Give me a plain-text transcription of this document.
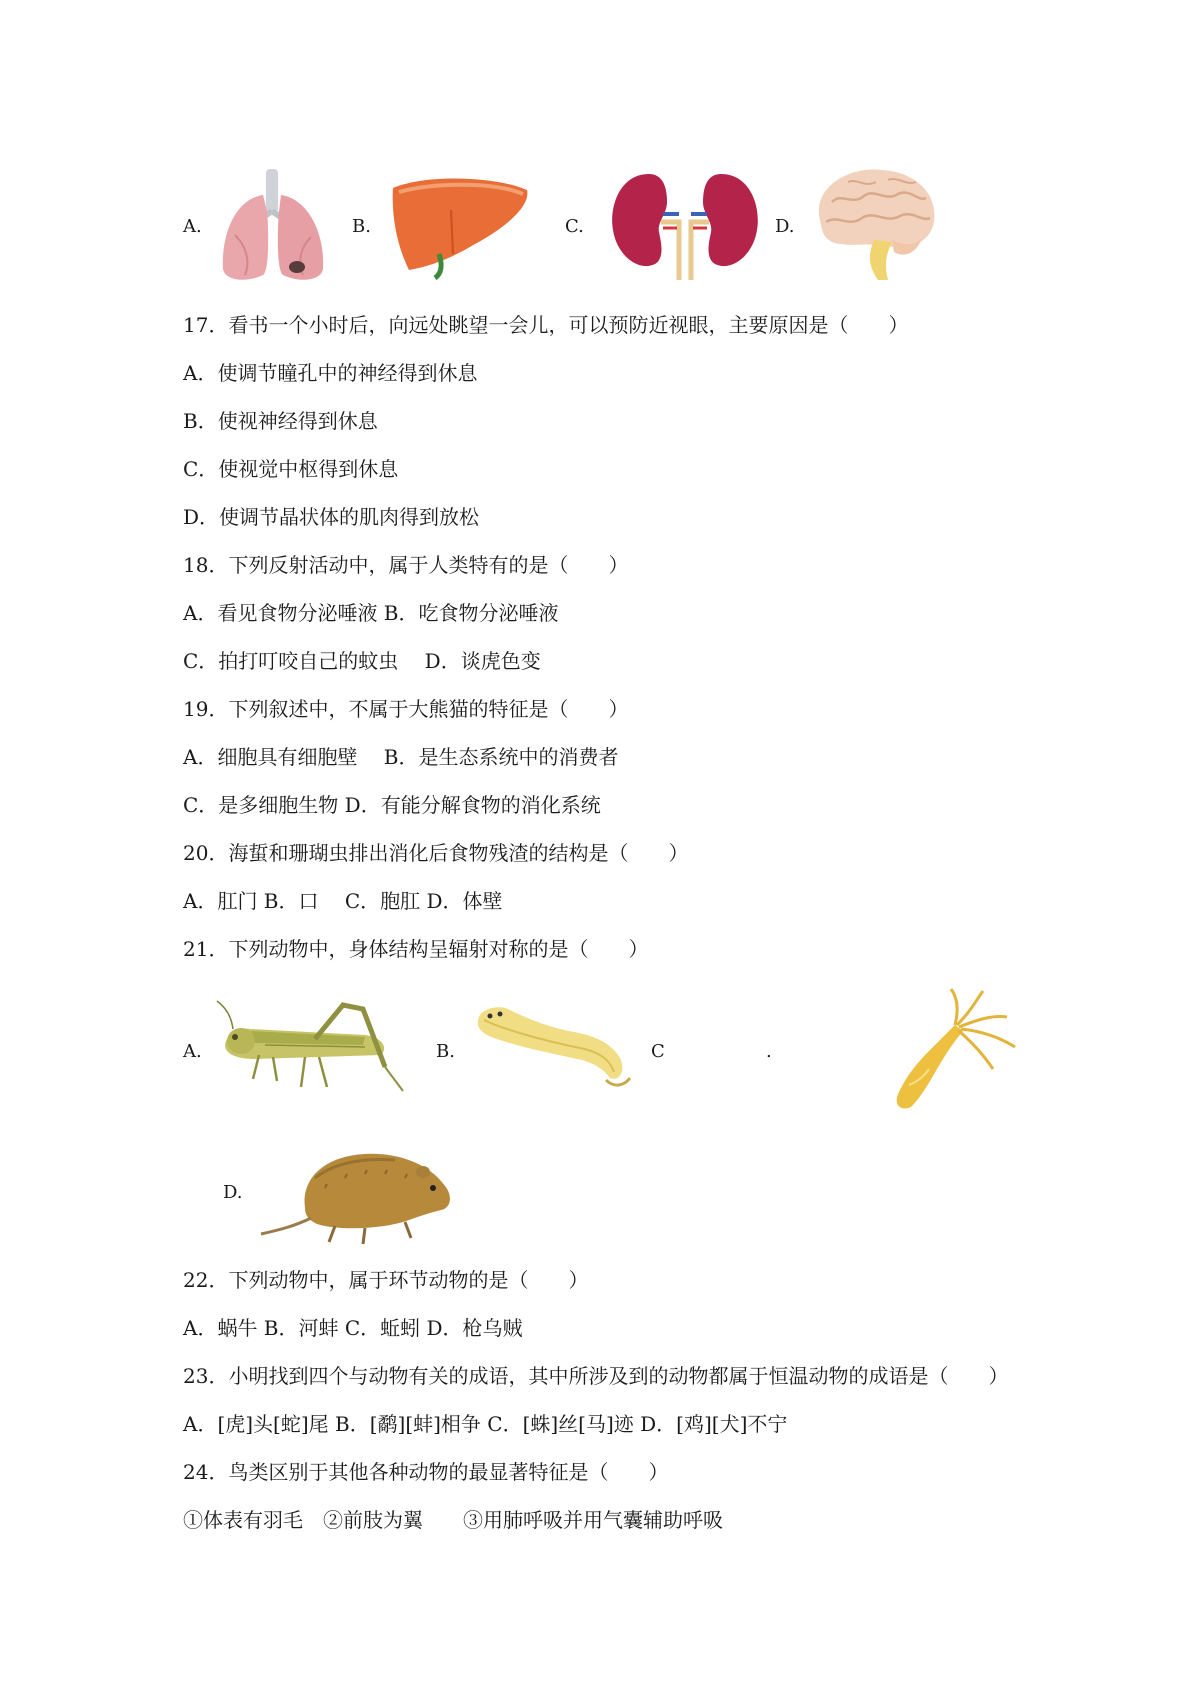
A.	B.	C.	D.
17．看书一个小时后，向远处眺望一会儿，可以预防近视眼，主要原因是（　　）
A．使调节瞳孔中的神经得到休息
B．使视神经得到休息
C．使视觉中枢得到休息
D．使调节晶状体的肌肉得到放松
18．下列反射活动中，属于人类特有的是（　　）
A．看见食物分泌唾液 B．吃食物分泌唾液
C．拍打叮咬自己的蚊虫　 D．谈虎色变
19．下列叙述中，不属于大熊猫的特征是（　　）
A．细胞具有细胞壁　 B．是生态系统中的消费者
C．是多细胞生物 D．有能分解食物的消化系统
20．海蜇和珊瑚虫排出消化后食物残渣的结构是（　　）
A．肛门 B．口　 C．胞肛 D．体壁
21．下列动物中，身体结构呈辐射对称的是（　　）
A.	B.	C	.
D.
22．下列动物中，属于环节动物的是（　　）
A．蜗牛 B．河蚌 C．蚯蚓 D．枪乌贼
23．小明找到四个与动物有关的成语，其中所涉及到的动物都属于恒温动物的成语是（　　）
A．[虎]头[蛇]尾 B．[鹬][蚌]相争 C．[蛛]丝[马]迹 D．[鸡][犬]不宁
24．鸟类区别于其他各种动物的最显著特征是（　　）
①体表有羽毛　②前肢为翼　　③用肺呼吸并用气囊辅助呼吸
